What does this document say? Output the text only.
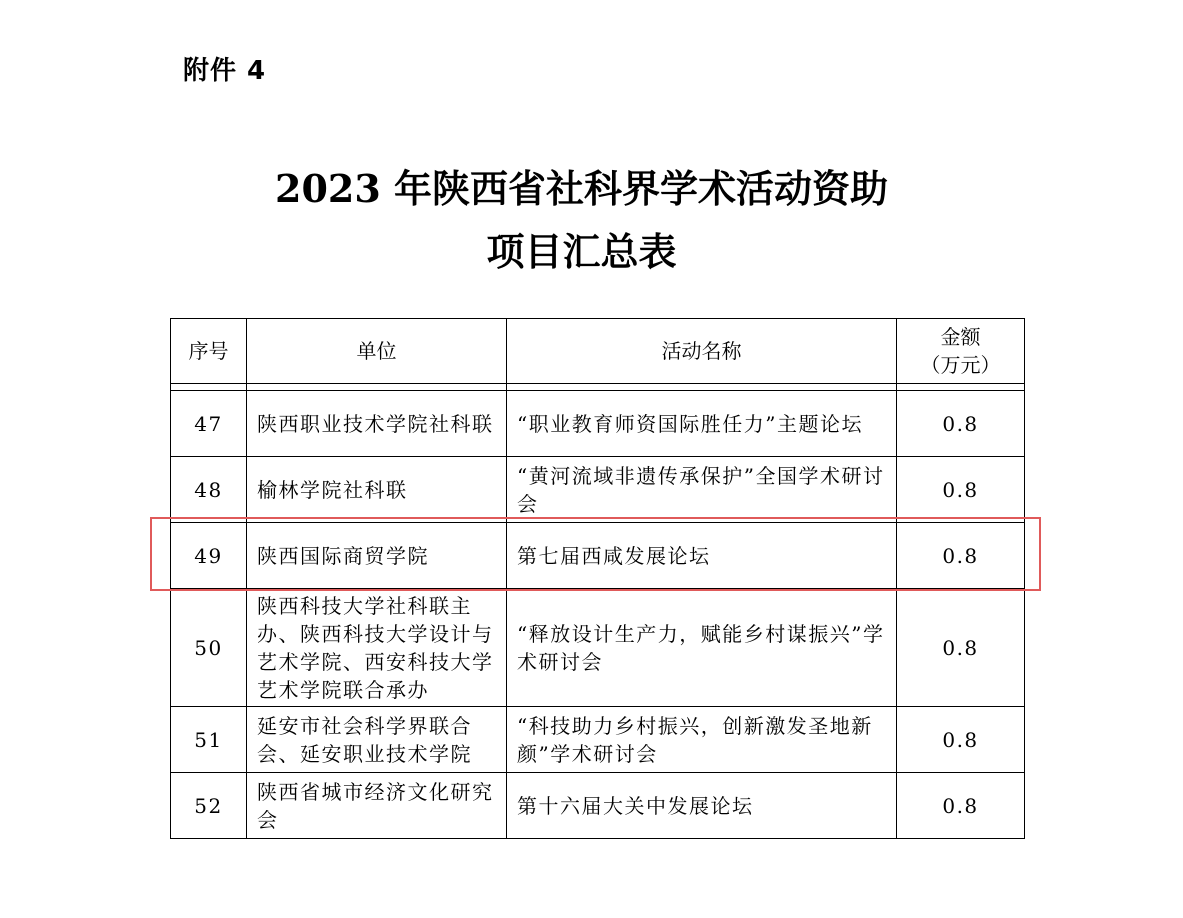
附件 4
2023 年陕西省社科界学术活动资助
项目汇总表
序号	单位	活动名称	金额
（万元）

47	陕西职业技术学院社科联	“职业教育师资国际胜任力”主题论坛	0.8
48	榆林学院社科联	“黄河流域非遗传承保护”全国学术研讨会	0.8
49	陕西国际商贸学院	第七届西咸发展论坛	0.8
50	陕西科技大学社科联主办、陕西科技大学设计与艺术学院、西安科技大学艺术学院联合承办	“释放设计生产力，赋能乡村谋振兴”学术研讨会	0.8
51	延安市社会科学界联合会、延安职业技术学院	“科技助力乡村振兴，创新激发圣地新颜”学术研讨会	0.8
52	陕西省城市经济文化研究会	第十六届大关中发展论坛	0.8
